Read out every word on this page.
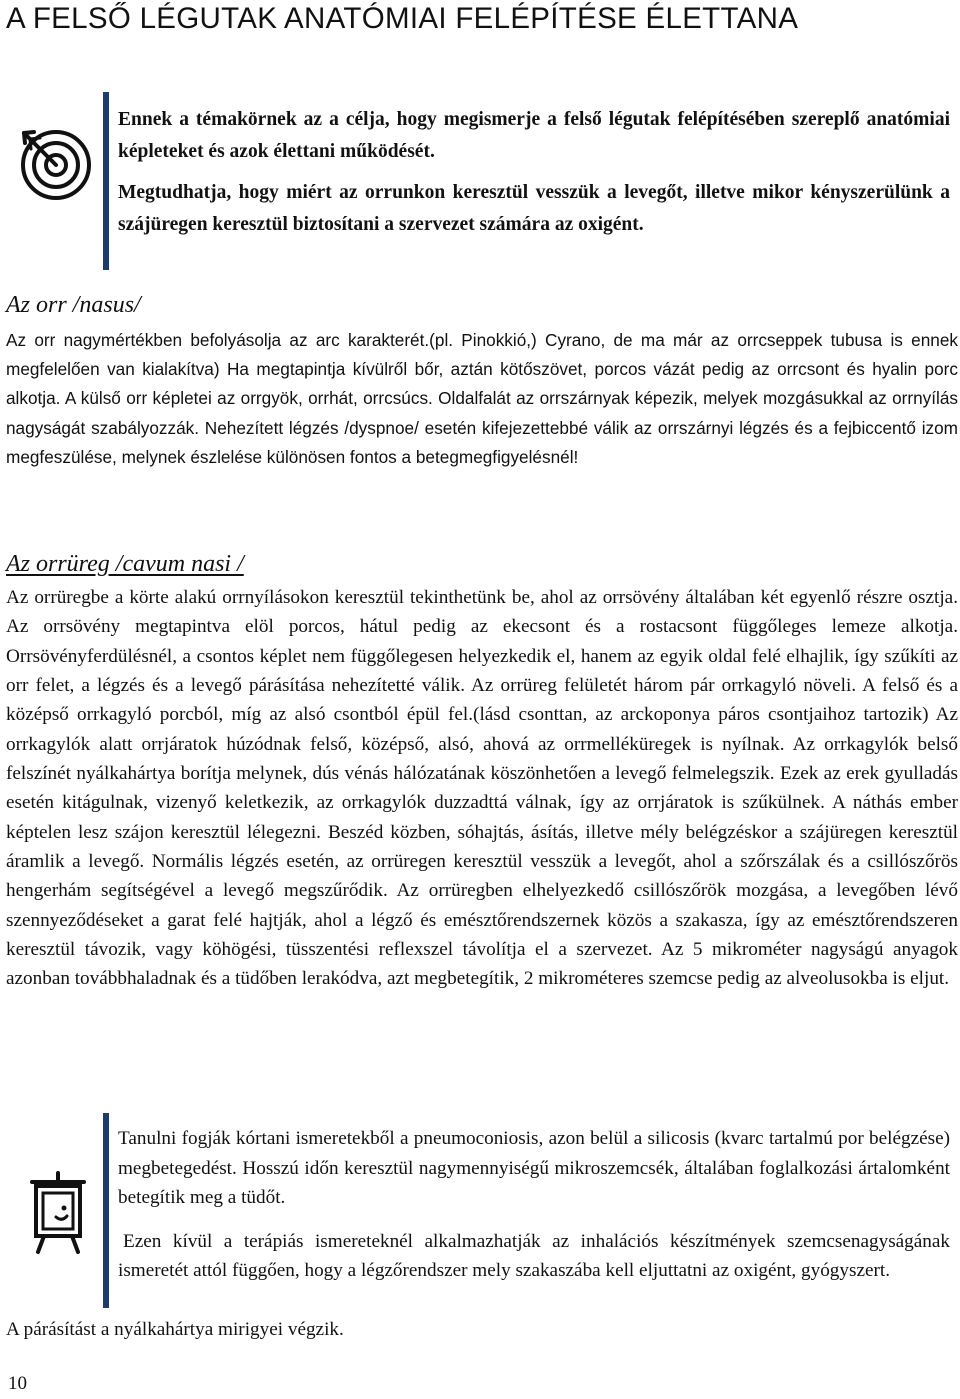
A FELSŐ LÉGUTAK ANATÓMIAI FELÉPÍTÉSE ÉLETTANA

Ennek a témakörnek az a célja, hogy megismerje a felső légutak felépítésében szereplő anatómiai képleteket és azok élettani működését.

Megtudhatja, hogy miért az orrunkon keresztül vesszük a levegőt, illetve mikor kényszerülünk a szájüregen keresztül biztosítani a szervezet számára az oxigént.

Az orr /nasus/

Az orr nagymértékben befolyásolja az arc karakterét.(pl. Pinokkió,) Cyrano, de ma már az orrcseppek tubusa is ennek megfelelően van kialakítva) Ha megtapintja kívülről bőr, aztán kötőszövet, porcos vázát pedig az orrcsont és hyalin porc alkotja. A külső orr képletei az orrgyök, orrhát, orrcsúcs. Oldalfalát az orrszárnyak képezik, melyek mozgásukkal az orrnyílás nagyságát szabályozzák. Nehezített légzés /dyspnoe/ esetén kifejezettebbé válik az orrszárnyi légzés és a fejbiccentő izom megfeszülése, melynek észlelése különösen fontos a betegmegfigyelésnél!

Az orrüreg /cavum nasi /

Az orrüregbe a körte alakú orrnyílásokon keresztül tekinthetünk be, ahol az orrsövény általában két egyenlő részre osztja. Az orrsövény megtapintva elöl porcos, hátul pedig az ekecsont és a rostacsont függőleges lemeze alkotja. Orrsövényferdülésnél, a csontos képlet nem függőlegesen helyezkedik el, hanem az egyik oldal felé elhajlik, így szűkíti az orr felet, a légzés és a levegő párásítása nehezítetté válik. Az orrüreg felületét három pár orrkagyló növeli. A felső és a középső orrkagyló porcból, míg az alsó csontból épül fel.(lásd csonttan, az arckoponya páros csontjaihoz tartozik) Az orrkagylók alatt orrjáratok húzódnak felső, középső, alsó, ahová az orrmelléküregek is nyílnak. Az orrkagylók belső felszínét nyálkahártya borítja melynek, dús vénás hálózatának köszönhetően a levegő felmelegszik. Ezek az erek gyulladás esetén kitágulnak, vizenyő keletkezik, az orrkagylók duzzadttá válnak, így az orrjáratok is szűkülnek. A náthás ember képtelen lesz szájon keresztül lélegezni. Beszéd közben, sóhajtás, ásítás, illetve mély belégzéskor a szájüregen keresztül áramlik a levegő. Normális légzés esetén, az orrüregen keresztül vesszük a levegőt, ahol a szőrszálak és a csillószőrös hengerhám segítségével a levegő megszűrődik. Az orrüregben elhelyezkedő csillószőrök mozgása, a levegőben lévő szennyeződéseket a garat felé hajtják, ahol a légző és emésztőrendszernek közös a szakasza, így az emésztőrendszeren keresztül távozik, vagy köhögési, tüsszentési reflexszel távolítja el a szervezet. Az 5 mikrométer nagyságú anyagok azonban továbbhaladnak és a tüdőben lerakódva, azt megbetegítik, 2 mikrométeres szemcse pedig az alveolusokba is eljut.

Tanulni fogják kórtani ismeretekből a pneumoconiosis, azon belül a silicosis (kvarc tartalmú por belégzése) megbetegedést. Hosszú időn keresztül nagymennyiségű mikroszemcsék, általában foglalkozási ártalomként betegítik meg a tüdőt.

Ezen kívül a terápiás ismereteknél alkalmazhatják az inhalációs készítmények szemcsenagyságának ismeretét attól függően, hogy a légzőrendszer mely szakaszába kell eljuttatni az oxigént, gyógyszert.

A párásítást a nyálkahártya mirigyei végzik.

10
